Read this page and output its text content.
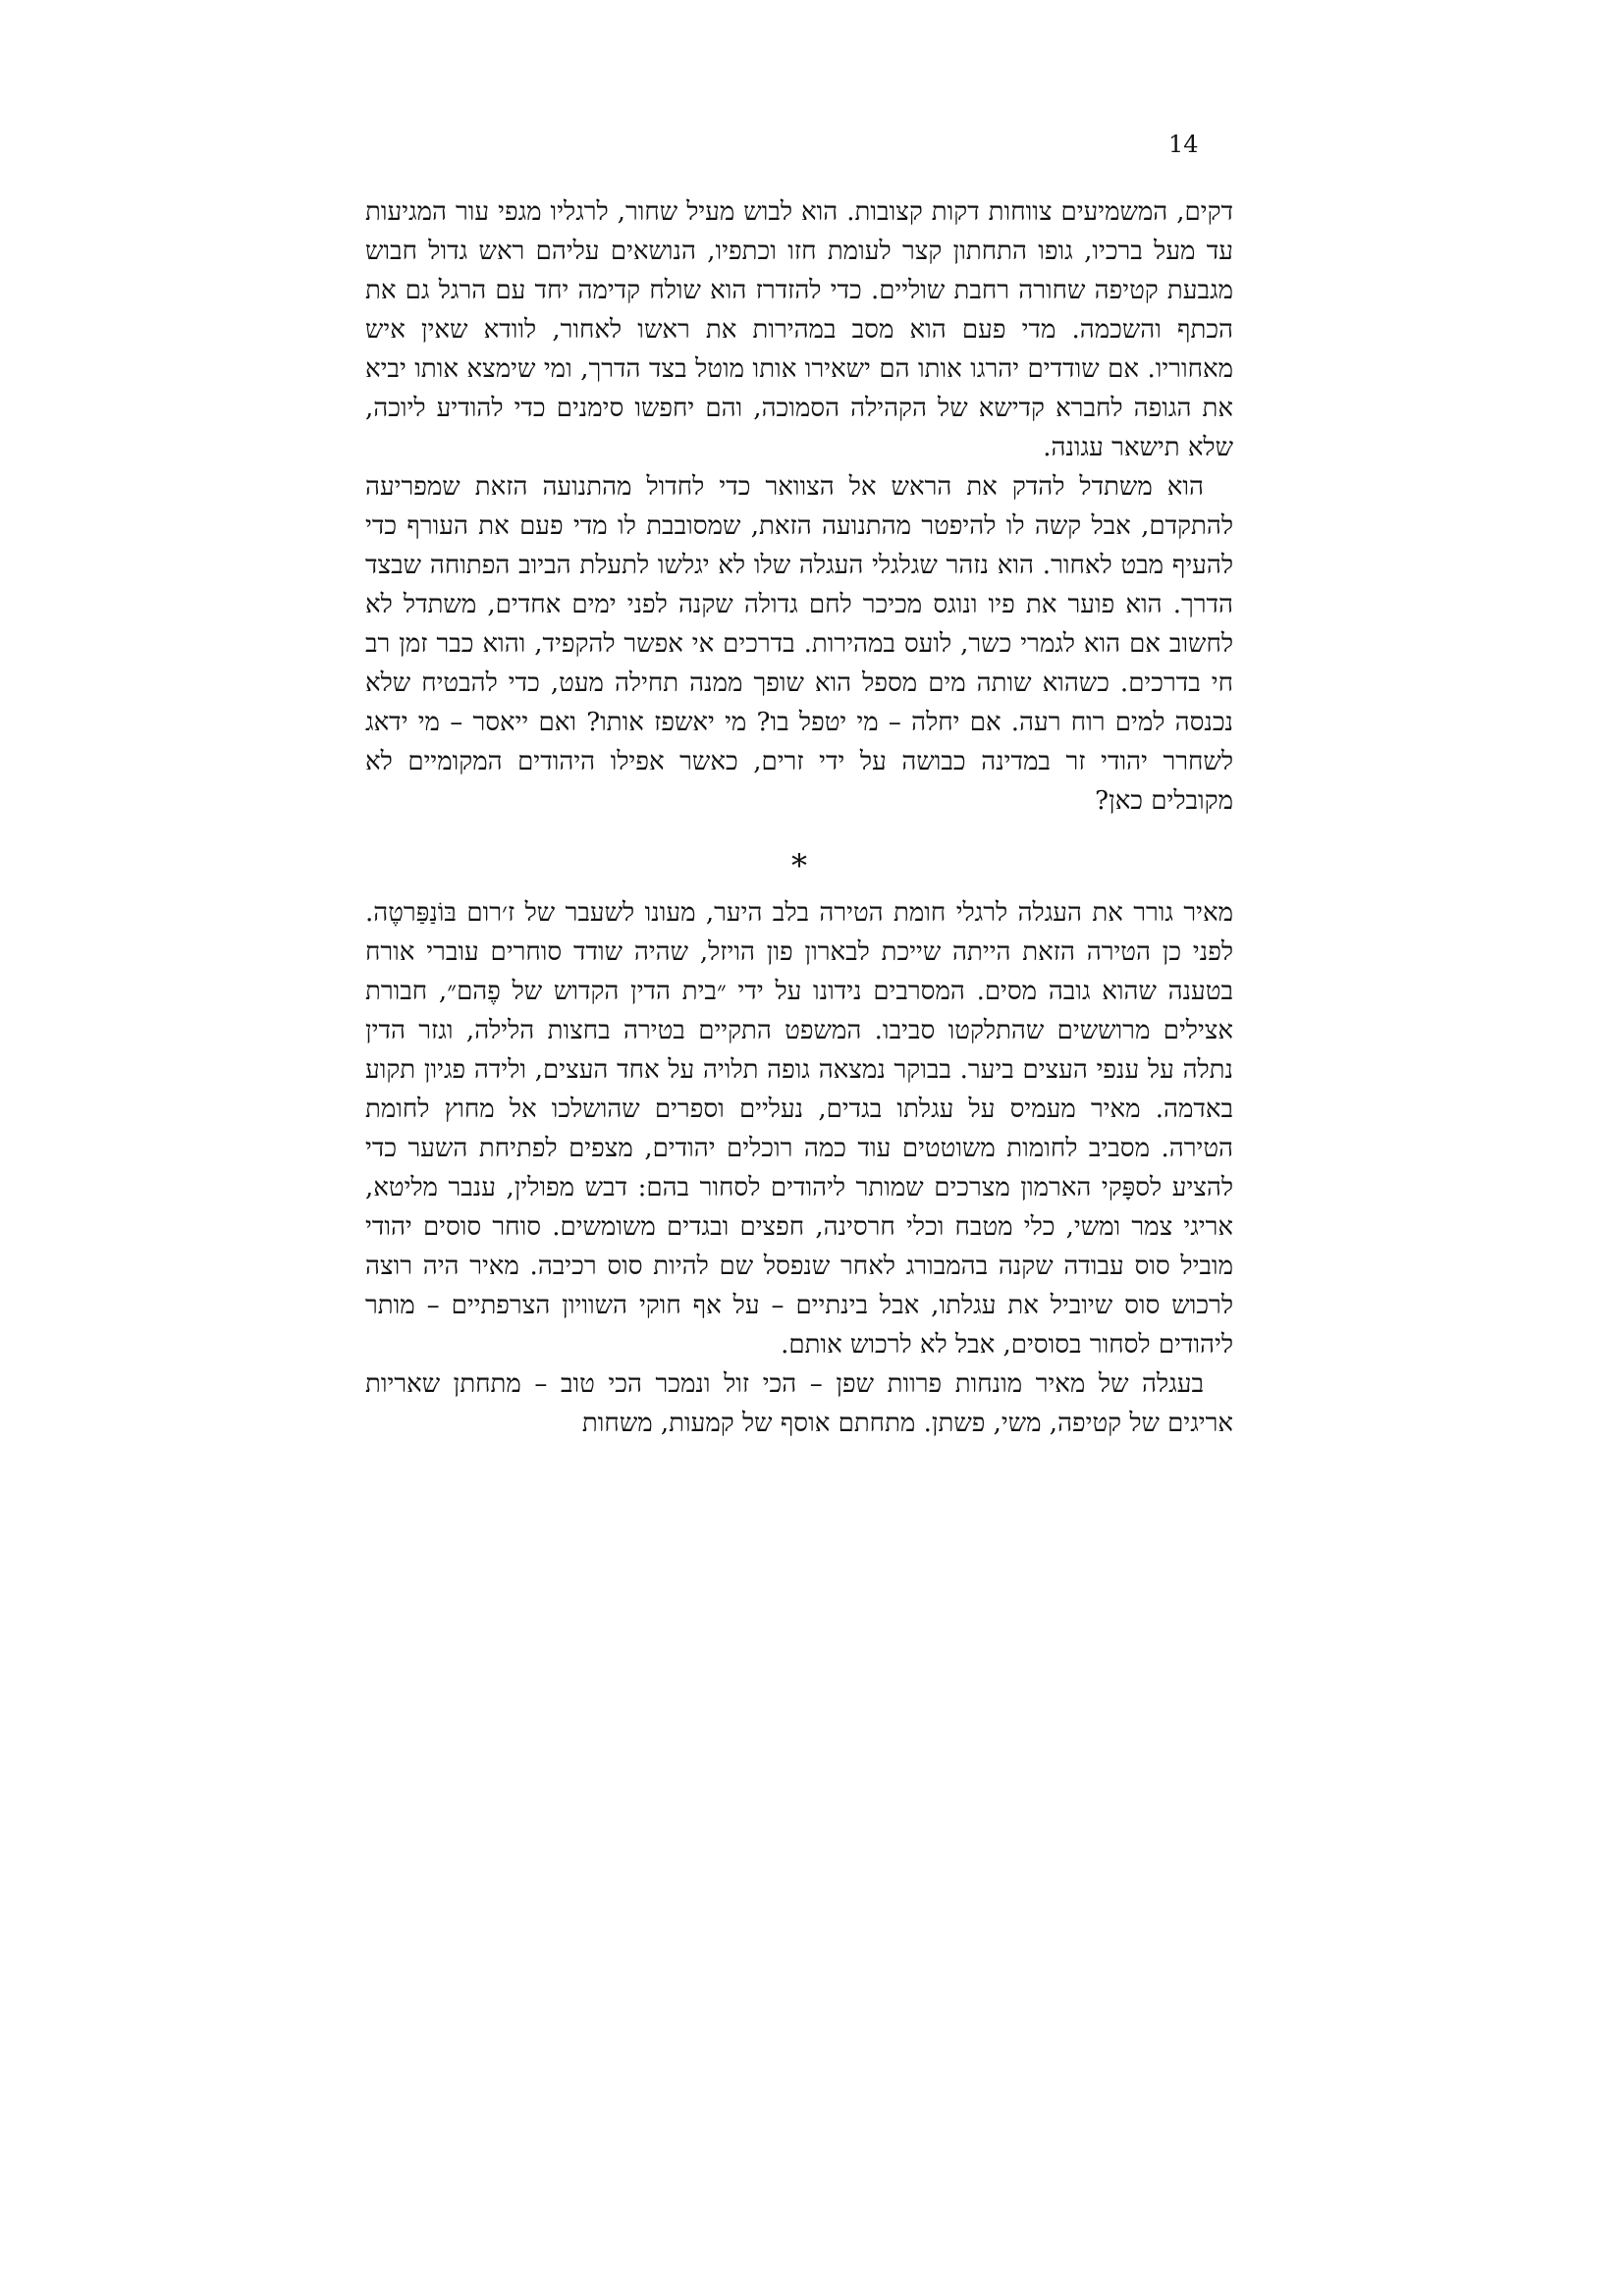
14

דקים, המשמיעים צווחות דקות קצובות. הוא לבוש מעיל שחור, לרגליו מגפי עור המגיעות עד מעל ברכיו, גופו התחתון קצר לעומת חזו וכתפיו, הנושאים עליהם ראש גדול חבוש מגבעת קטיפה שחורה רחבת שוליים. כדי להזדרז הוא שולח קדימה יחד עם הרגל גם את הכתף והשכמה. מדי פעם הוא מסב במהירות את ראשו לאחור, לוודא שאין איש מאחוריו. אם שודדים יהרגו אותו הם ישאירו אותו מוטל בצד הדרך, ומי שימצא אותו יביא את הגופה לחברא קדישא של הקהילה הסמוכה, והם יחפשו סימנים כדי להודיע ליוכה, שלא תישאר עגונה.

הוא משתדל להדק את הראש אל הצוואר כדי לחדול מהתנועה הזאת שמפריעה להתקדם, אבל קשה לו להיפטר מהתנועה הזאת, שמסובבת לו מדי פעם את העורף כדי להעיף מבט לאחור. הוא נזהר שגלגלי העגלה שלו לא יגלשו לתעלת הביוב הפתוחה שבצד הדרך. הוא פוער את פיו ונוגס מכיכר לחם גדולה שקנה לפני ימים אחדים, משתדל לא לחשוב אם הוא לגמרי כשר, לועס במהירות. בדרכים אי אפשר להקפיד, והוא כבר זמן רב חי בדרכים. כשהוא שותה מים מספל הוא שופך ממנה תחילה מעט, כדי להבטיח שלא נכנסה למים רוח רעה. אם יחלה – מי יטפל בו? מי יאשפז אותו? ואם ייאסר – מי ידאג לשחרר יהודי זר במדינה כבושה על ידי זרים, כאשר אפילו היהודים המקומיים לא מקובלים כאן?

*

מאיר גורר את העגלה לרגלי חומת הטירה בלב היער, מעונו לשעבר של ז׳רום בּוֹנַפַּרטֶה. לפני כן הטירה הזאת הייתה שייכת לבארון פון הויזל, שהיה שודד סוחרים עוברי אורח בטענה שהוא גובה מסים. המסרבים נידונו על ידי ״בית הדין הקדוש של פֶהם״, חבורת אצילים מרוששים שהתלקטו סביבו. המשפט התקיים בטירה בחצות הלילה, וגזר הדין נתלה על ענפי העצים ביער. בבוקר נמצאה גופה תלויה על אחד העצים, ולידה פגיון תקוע באדמה. מאיר מעמיס על עגלתו בגדים, נעליים וספרים שהושלכו אל מחוץ לחומת הטירה. מסביב לחומות משוטטים עוד כמה רוכלים יהודים, מצפים לפתיחת השער כדי להציע לספָּקי הארמון מצרכים שמותר ליהודים לסחור בהם: דבש מפולין, ענבר מליטא, אריגי צמר ומשי, כלי מטבח וכלי חרסינה, חפצים ובגדים משומשים. סוחר סוסים יהודי מוביל סוס עבודה שקנה בהמבורג לאחר שנפסל שם להיות סוס רכיבה. מאיר היה רוצה לרכוש סוס שיוביל את עגלתו, אבל בינתיים – על אף חוקי השוויון הצרפתיים – מותר ליהודים לסחור בסוסים, אבל לא לרכוש אותם.

בעגלה של מאיר מונחות פרוות שפן – הכי זול ונמכר הכי טוב – מתחתן שאריות אריגים של קטיפה, משי, פשתן. מתחתם אוסף של קמעות, משחות
